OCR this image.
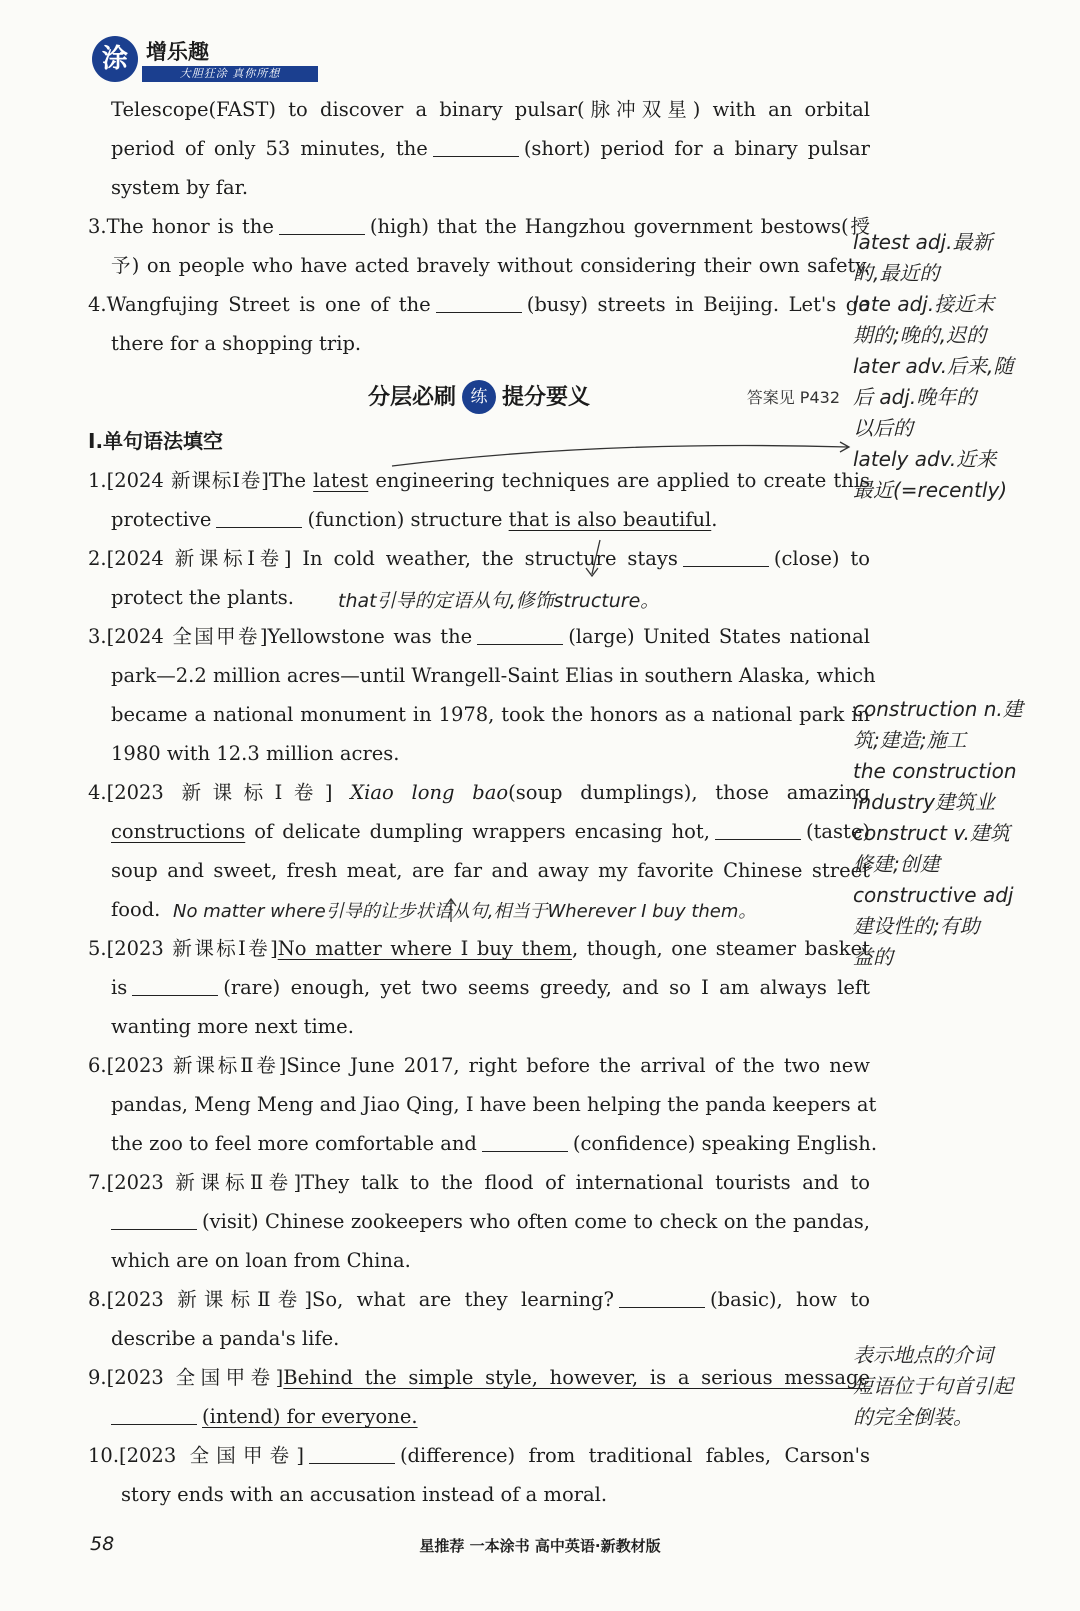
涂 增乐趣
大胆狂涂 真你所想
Telescope(FAST) to discover a binary pulsar(脉冲双星) with an orbital
period of only 53 minutes, the	(short) period for a binary pulsar
system by far.
3.The honor is the	(high) that the Hangzhou government bestows(授
予) on people who have acted bravely without considering their own safety.
4.Wangfujing Street is one of the	(busy) streets in Beijing. Let's go
there for a shopping trip.
分层必刷 练 提分要义	答案见 P432
Ⅰ.单句语法填空
1.[2024 新课标Ⅰ卷]The latest engineering techniques are applied to create this
protective	(function) structure that is also beautiful.
2.[2024 新课标Ⅰ卷] In cold weather, the structure stays	(close) to
protect the plants. that引导的定语从句,修饰structure。
3.[2024 全国甲卷]Yellowstone was the	(large) United States national
park—2.2 million acres—until Wrangell-Saint Elias in southern Alaska, which
became a national monument in 1978, took the honors as a national park in
1980 with 12.3 million acres.
4.[2023 新课标Ⅰ卷] Xiao long bao(soup dumplings), those amazing
constructions of delicate dumpling wrappers encasing hot,	(taste)
soup and sweet, fresh meat, are far and away my favorite Chinese street
food. No matter where引导的让步状语从句,相当于Wherever I buy them。
5.[2023 新课标Ⅰ卷]No matter where I buy them, though, one steamer basket
is	(rare) enough, yet two seems greedy, and so I am always left
wanting more next time.
6.[2023 新课标Ⅱ卷]Since June 2017, right before the arrival of the two new
pandas, Meng Meng and Jiao Qing, I have been helping the panda keepers at
the zoo to feel more comfortable and	(confidence) speaking English.
7.[2023 新课标Ⅱ卷]They talk to the flood of international tourists and to
(visit) Chinese zookeepers who often come to check on the pandas,
which are on loan from China.
8.[2023 新课标Ⅱ卷]So, what are they learning?	(basic), how to
describe a panda's life.
9.[2023 全国甲卷]Behind the simple style, however, is a serious message
(intend) for everyone.
10.[2023 全国甲卷]	(difference) from traditional fables, Carson's
story ends with an accusation instead of a moral.
latest adj.最新
的,最近的
late adj.接近末
期的;晚的,迟的
later adv.后来,随
后 adj.晚年的
以后的
lately adv.近来
最近(=recently)
construction n.建
筑;建造;施工
the construction
industry建筑业
construct v.建筑
修建;创建
constructive adj
建设性的;有助
益的
表示地点的介词
短语位于句首引起
的完全倒装。
58	星推荐 一本涂书 高中英语·新教材版
